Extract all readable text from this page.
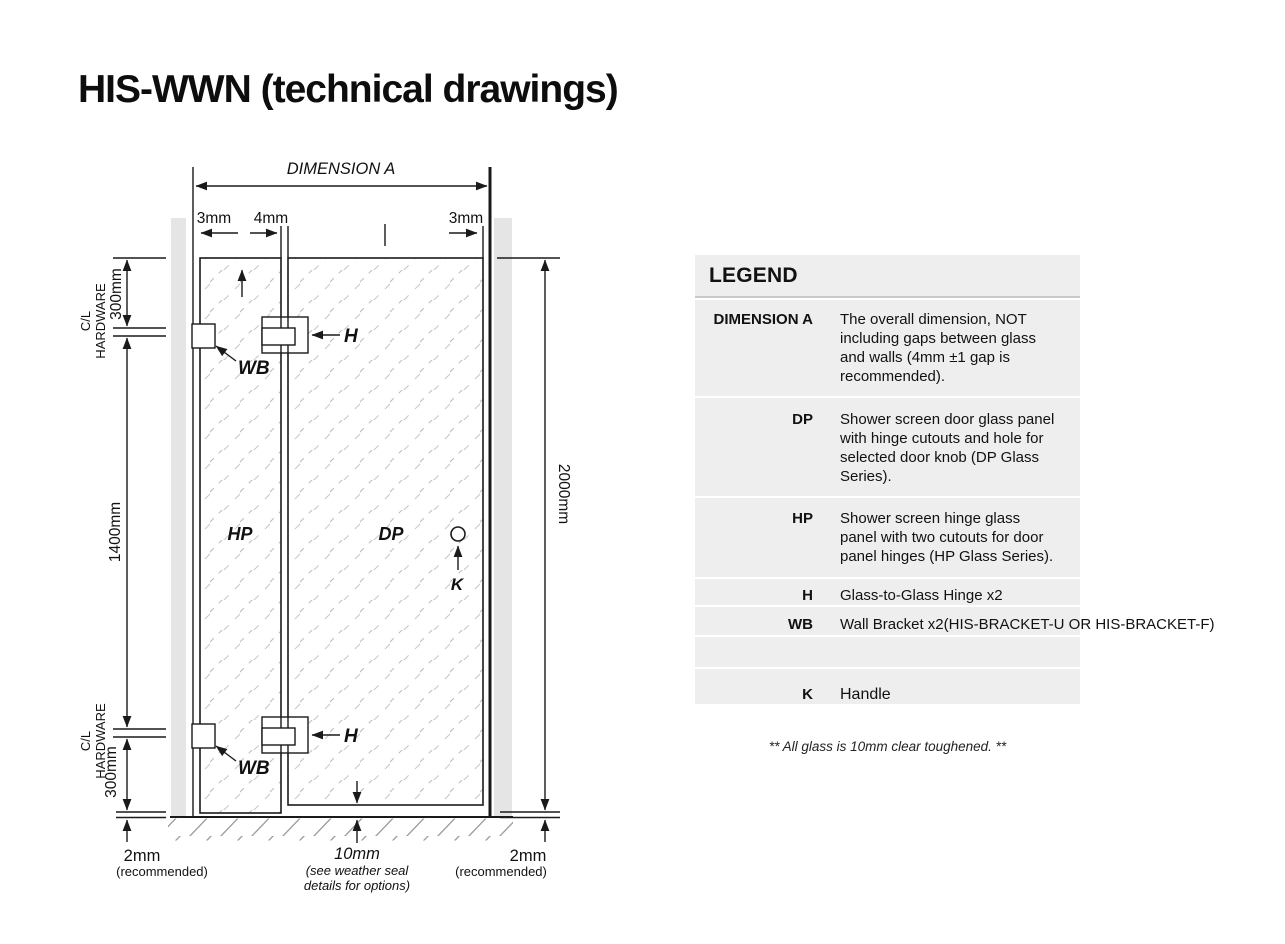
HIS-WWN (technical drawings)
DIMENSION A
3mm 4mm	3mm
C/L HARDWARE 300mm
1400mm
C/L HARDWARE
300mm
2000mm
HP	DP
H
H
WB
WB
K
2mm
(recommended)
10mm
(see weather seal
details for options)
2mm
(recommended)
LEGEND
DIMENSION A The overall dimension, NOT including gaps between glass and walls (4mm ±1 gap is recommended).
DP Shower screen door glass panel with hinge cutouts and hole for selected door knob (DP Glass Series).
HP Shower screen hinge glass panel with two cutouts for door panel hinges (HP Glass Series).
H Glass-to-Glass Hinge x2
WB Wall Bracket x2(HIS-BRACKET-U OR HIS-BRACKET-F)
K Handle
** All glass is 10mm clear toughened. **
